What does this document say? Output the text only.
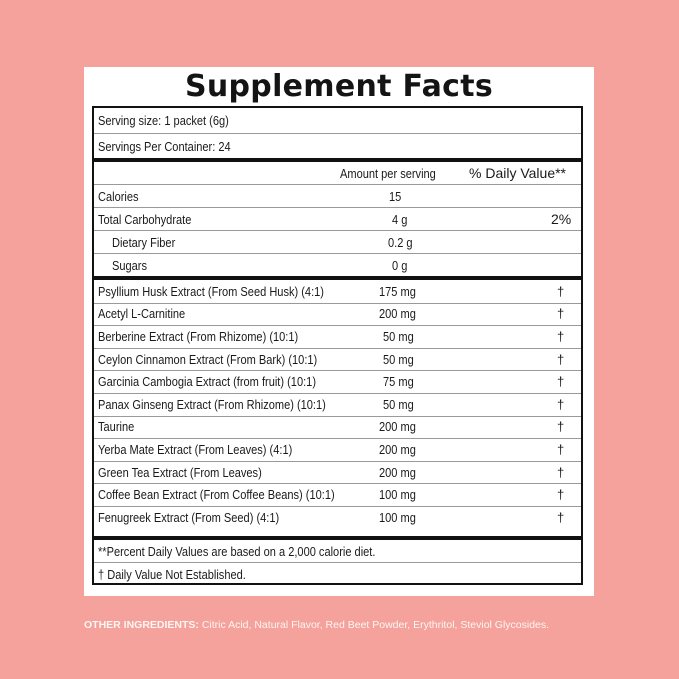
Supplement Facts
Serving size: 1 packet (6g)
Servings Per Container: 24
Amount per serving	% Daily Value**
Calories	15
Total Carbohydrate	4 g	2%
Dietary Fiber	0.2 g
Sugars	0 g
Psyllium Husk Extract (From Seed Husk) (4:1)	175 mg	†
Acetyl L-Carnitine	200 mg	†
Berberine Extract (From Rhizome) (10:1)	50 mg	†
Ceylon Cinnamon Extract (From Bark) (10:1)	50 mg	†
Garcinia Cambogia Extract (from fruit) (10:1)	75 mg	†
Panax Ginseng Extract (From Rhizome) (10:1)	50 mg	†
Taurine	200 mg	†
Yerba Mate Extract (From Leaves) (4:1)	200 mg	†
Green Tea Extract (From Leaves)	200 mg	†
Coffee Bean Extract (From Coffee Beans) (10:1)	100 mg	†
Fenugreek Extract (From Seed) (4:1)	100 mg	†
**Percent Daily Values are based on a 2,000 calorie diet.
† Daily Value Not Established.
OTHER INGREDIENTS: Citric Acid, Natural Flavor, Red Beet Powder, Erythritol, Steviol Glycosides.
